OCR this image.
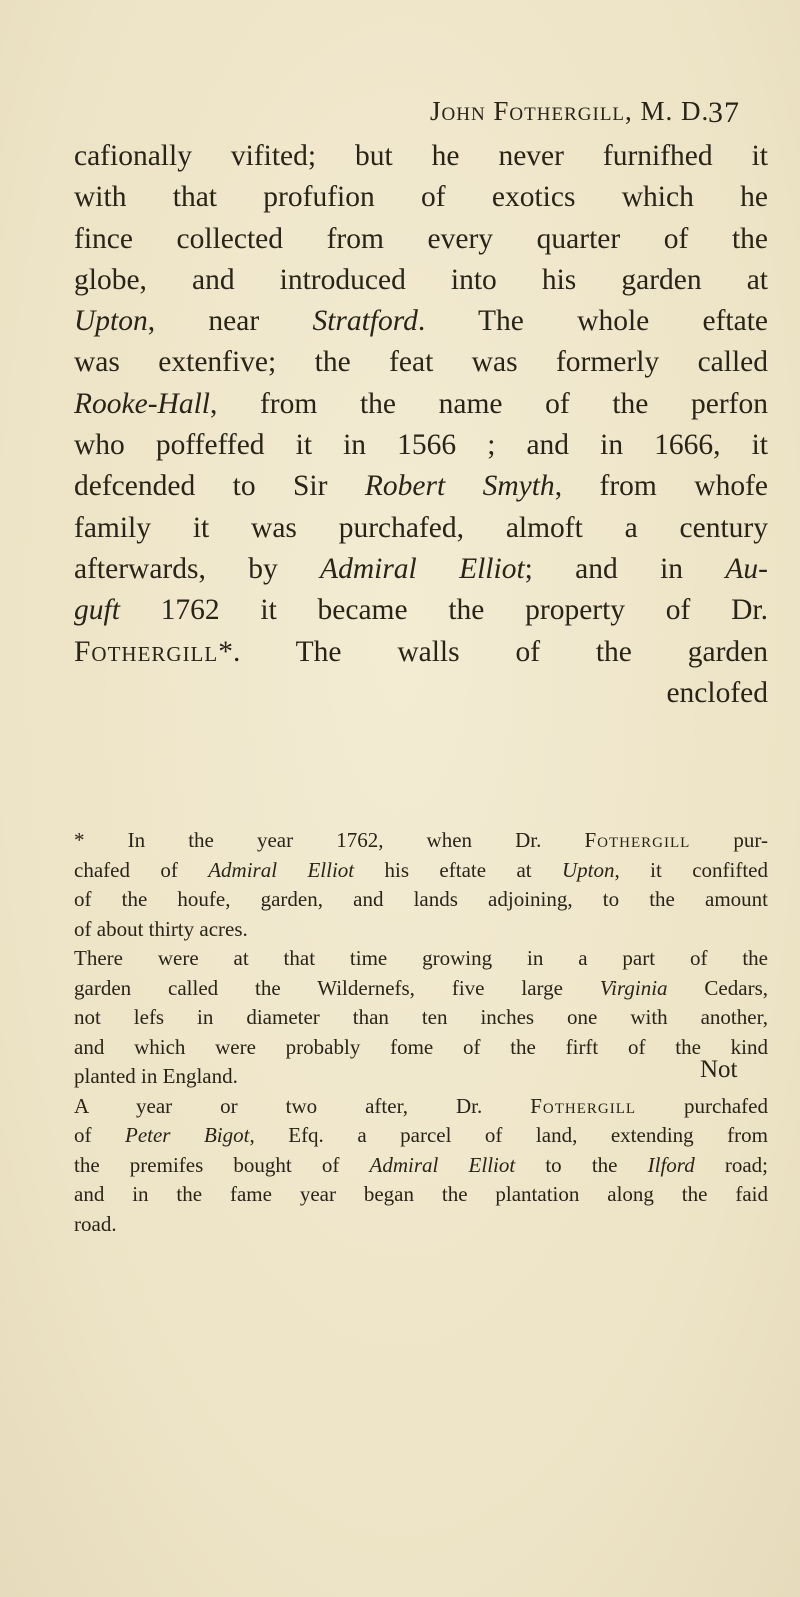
John Fothergill, M. D.
37
cafionally vifited; but he never furnifhed it
with that profufion of exotics which he
fince collected from every quarter of the
globe, and introduced into his garden at
Upton, near Stratford. The whole eftate
was extenfive; the feat was formerly called
Rooke-Hall, from the name of the perfon
who poffeffed it in 1566 ; and in 1666, it
defcended to Sir Robert Smyth, from whofe
family it was purchafed, almoft a century
afterwards, by Admiral Elliot; and in Au-
guft 1762 it became the property of Dr.
Fothergill*. The walls of the garden
enclofed
* In the year 1762, when Dr. Fothergill pur-
chafed of Admiral Elliot his eftate at Upton, it confifted
of the houfe, garden, and lands adjoining, to the amount
of about thirty acres.
There were at that time growing in a part of the
garden called the Wildernefs, five large Virginia Cedars,
not lefs in diameter than ten inches one with another,
and which were probably fome of the firft of the kind
planted in England.
A year or two after, Dr. Fothergill purchafed
of Peter Bigot, Efq. a parcel of land, extending from
the premifes bought of Admiral Elliot to the Ilford road;
and in the fame year began the plantation along the faid
road.
Not
